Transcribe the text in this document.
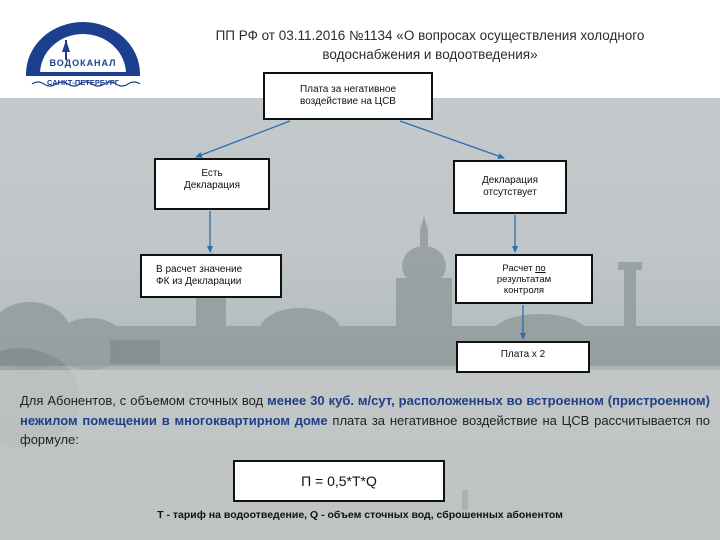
ВОДОКАНАЛ
САНКТ-ПЕТЕРБУРГ
ПП РФ от 03.11.2016 №1134 «О вопросах осуществления холодного
водоснабжения и водоотведения»
Плата за негативное
воздействие на ЦСВ
Есть
Декларация	Декларация
отсутствует
В расчет значение
ФК из Декларации
Расчет по
результатам
контроля
Плата х 2
Для Абонентов, с объемом сточных вод менее 30 куб. м/сут, расположенных во встроенном (пристроенном) нежилом помещении в многоквартирном доме плата за негативное воздействие на ЦСВ рассчитывается по формуле:
П = 0,5*Т*Q
Т - тариф на водоотведение, Q - объем сточных вод, сброшенных абонентом
